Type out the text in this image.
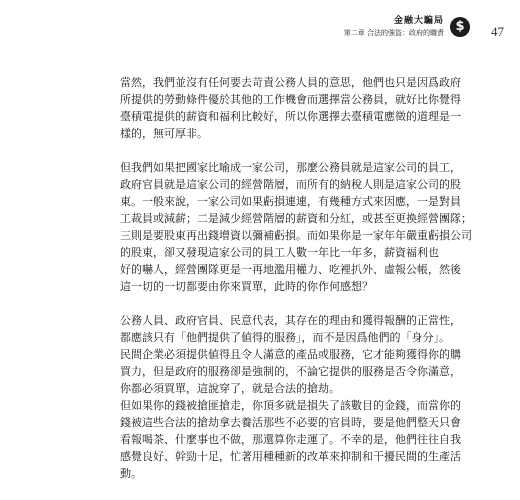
金融大騙局
第二章 合法的強盜：政府的職責 $	47

當然，我們並沒有任何要去苛責公務人員的意思，他們也只是因爲政府
所提供的勞動條件優於其他的工作機會而選擇當公務員，就好比你覺得
臺積電提供的薪資和福利比較好，所以你選擇去臺積電應徵的道理是一
樣的，無可厚非。

但我們如果把國家比喻成一家公司，那麼公務員就是這家公司的員工，
政府官員就是這家公司的經營階層，而所有的納稅人則是這家公司的股
東。一般來說，一家公司如果虧損連連，有幾種方式來因應，一是對員
工裁員或減薪；二是減少經營階層的薪資和分紅，或甚至更換經營團隊；
三則是要股東再出錢增資以彌補虧損。而如果你是一家年年嚴重虧損公司
的股東，卻又發現這家公司的員工人數一年比一年多，薪資福利也
好的嚇人，經營團隊更是一再地濫用權力、吃裡扒外、虛報公帳，然後
這一切的一切都要由你來買單，此時的你作何感想？

公務人員、政府官員、民意代表，其存在的理由和獲得報酬的正當性，
都應該只有「他們提供了値得的服務」，而不是因爲他們的「身分」。
民間企業必須提供値得且令人滿意的產品或服務，它才能夠獲得你的購
買力，但是政府的服務卻是強制的，不論它提供的服務是否令你滿意，
你都必須買單，這說穿了，就是合法的搶劫。

但如果你的錢被搶匪搶走，你頂多就是損失了該數目的金錢，而當你的
錢被這些合法的搶劫拿去養活那些不必要的官員時，要是他們整天只會
看報喝茶、什麼事也不做，那還算你走運了。不幸的是，他們往往自我
感覺良好、幹勁十足，忙著用種種新的改革來抑制和干擾民間的生產活
動。
